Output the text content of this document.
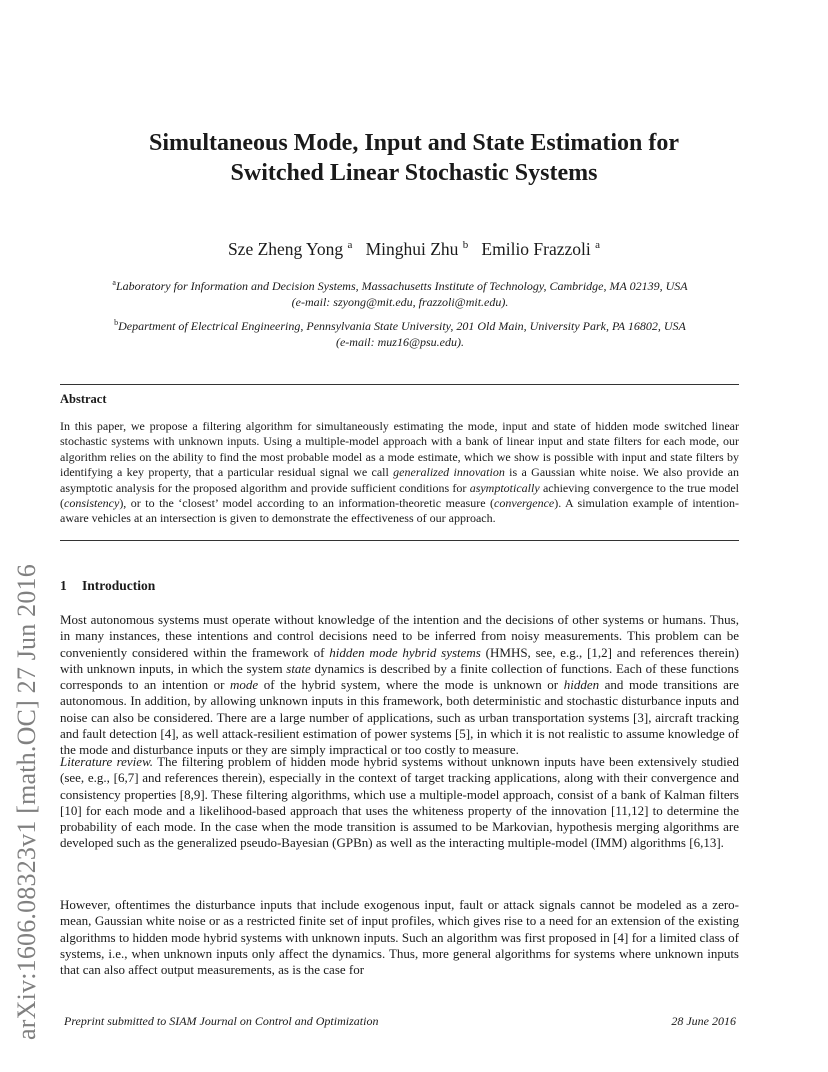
arXiv:1606.08323v1 [math.OC] 27 Jun 2016
Simultaneous Mode, Input and State Estimation for
Switched Linear Stochastic Systems
Sze Zheng Yong $^a$ Minghui Zhu $^b$ Emilio Frazzoli $^a$
$^a$Laboratory for Information and Decision Systems, Massachusetts Institute of Technology, Cambridge, MA 02139, USA
(e-mail: szyong@mit.edu, frazzoli@mit.edu).
$^b$Department of Electrical Engineering, Pennsylvania State University, 201 Old Main, University Park, PA 16802, USA
(e-mail: muz16@psu.edu).
Abstract
In this paper, we propose a filtering algorithm for simultaneously estimating the mode, input and state of hidden mode switched linear stochastic systems with unknown inputs. Using a multiple-model approach with a bank of linear input and state filters for each mode, our algorithm relies on the ability to find the most probable model as a mode estimate, which we show is possible with input and state filters by identifying a key property, that a particular residual signal we call generalized innovation is a Gaussian white noise. We also provide an asymptotic analysis for the proposed algorithm and provide sufficient conditions for asymptotically achieving convergence to the true model (consistency), or to the ‘closest’ model according to an information-theoretic measure (convergence). A simulation example of intention-aware vehicles at an intersection is given to demonstrate the effectiveness of our approach.
1 Introduction
Most autonomous systems must operate without knowledge of the intention and the decisions of other systems or humans. Thus, in many instances, these intentions and control decisions need to be inferred from noisy measurements. This problem can be conveniently considered within the framework of hidden mode hybrid systems (HMHS, see, e.g., [1,2] and references therein) with unknown inputs, in which the system state dynamics is described by a finite collection of functions. Each of these functions corresponds to an intention or mode of the hybrid system, where the mode is unknown or hidden and mode transitions are autonomous. In addition, by allowing unknown inputs in this framework, both deterministic and stochastic disturbance inputs and noise can also be considered. There are a large number of applications, such as urban transportation systems [3], aircraft tracking and fault detection [4], as well attack-resilient estimation of power systems [5], in which it is not realistic to assume knowledge of the mode and disturbance inputs or they are simply impractical or too costly to measure.
Literature review. The filtering problem of hidden mode hybrid systems without unknown inputs have been extensively studied (see, e.g., [6,7] and references therein), especially in the context of target tracking applications, along with their convergence and consistency properties [8,9]. These filtering algorithms, which use a multiple-model approach, consist of a bank of Kalman filters [10] for each mode and a likelihood-based approach that uses the whiteness property of the innovation [11,12] to determine the probability of each mode. In the case when the mode transition is assumed to be Markovian, hypothesis merging algorithms are developed such as the generalized pseudo-Bayesian (GPBn) as well as the interacting multiple-model (IMM) algorithms [6,13].
However, oftentimes the disturbance inputs that include exogenous input, fault or attack signals cannot be modeled as a zero-mean, Gaussian white noise or as a restricted finite set of input profiles, which gives rise to a need for an extension of the existing algorithms to hidden mode hybrid systems with unknown inputs. Such an algorithm was first proposed in [4] for a limited class of systems, i.e., when unknown inputs only affect the dynamics. Thus, more general algorithms for systems where unknown inputs that can also affect output measurements, as is the case for
Preprint submitted to SIAM Journal on Control and Optimization	28 June 2016
